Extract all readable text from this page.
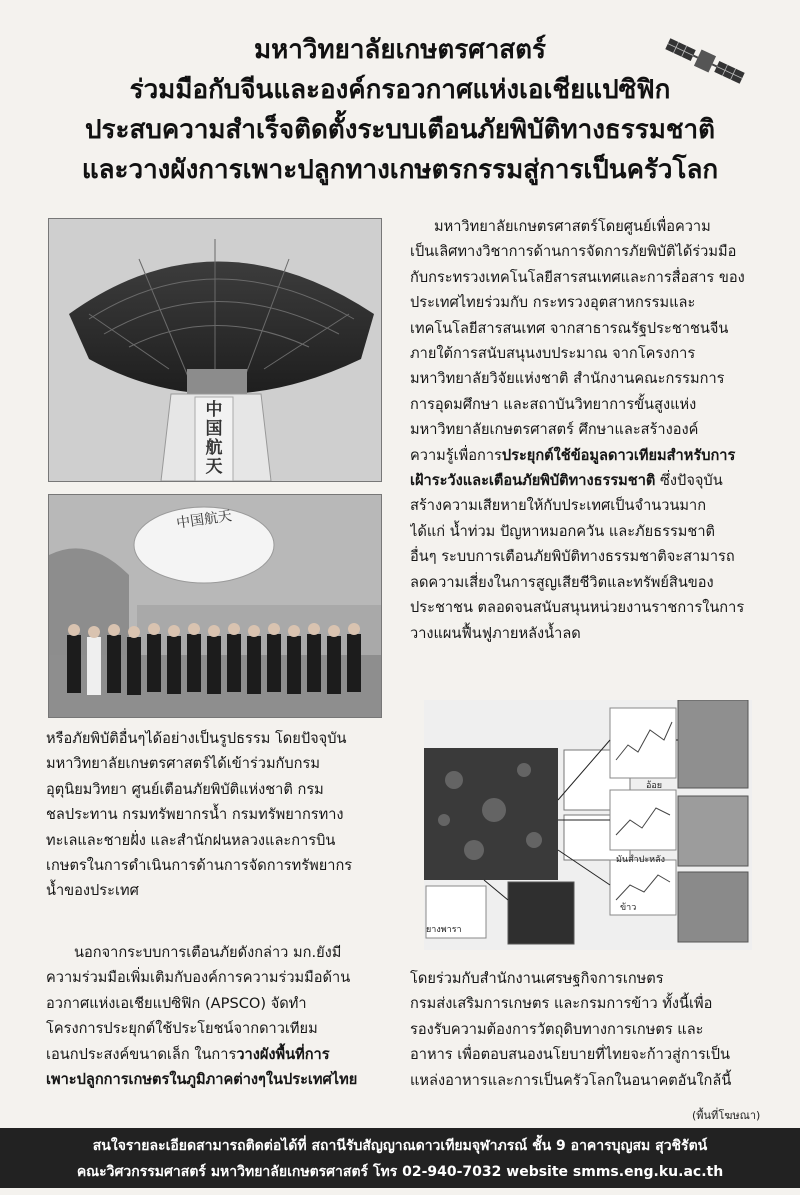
มหาวิทยาลัยเกษตรศาสตร์
ร่วมมือกับจีนและองค์กรอวกาศแห่งเอเชียแปซิฟิก
ประสบความสำเร็จติดตั้งระบบเตือนภัยพิบัติทางธรรมชาติ
และวางผังการเพาะปลูกทางเกษตรกรรมสู่การเป็นครัวโลก
中国航天
中国航天
มหาวิทยาลัยเกษตรศาสตร์โดยศูนย์เพื่อความ
เป็นเลิศทางวิชาการด้านการจัดการภัยพิบัติได้ร่วมมือ
กับกระทรวงเทคโนโลยีสารสนเทศและการสื่อสาร ของ
ประเทศไทยร่วมกับ กระทรวงอุตสาหกรรมและ
เทคโนโลยีสารสนเทศ จากสาธารณรัฐประชาชนจีน
ภายใต้การสนับสนุนงบประมาณ จากโครงการ
มหาวิทยาลัยวิจัยแห่งชาติ สำนักงานคณะกรรมการ
การอุดมศึกษา และสถาบันวิทยาการขั้นสูงแห่ง
มหาวิทยาลัยเกษตรศาสตร์ ศึกษาและสร้างองค์
ความรู้เพื่อการประยุกต์ใช้ข้อมูลดาวเทียมสำหรับการ
เฝ้าระวังและเตือนภัยพิบัติทางธรรมชาติ ซึ่งปัจจุบัน
สร้างความเสียหายให้กับประเทศเป็นจำนวนมาก
ได้แก่ น้ำท่วม ปัญหาหมอกควัน และภัยธรรมชาติ
อื่นๆ ระบบการเตือนภัยพิบัติทางธรรมชาติจะสามารถ
ลดความเสี่ยงในการสูญเสียชีวิตและทรัพย์สินของ
ประชาชน ตลอดจนสนับสนุนหน่วยงานราชการในการ
วางแผนฟื้นฟูภายหลังน้ำลด
อ้อย
มันสำปะหลัง
ข้าว
ยางพารา
หรือภัยพิบัติอื่นๆได้อย่างเป็นรูปธรรม โดยปัจจุบัน
มหาวิทยาลัยเกษตรศาสตร์ได้เข้าร่วมกับกรม
อุตุนิยมวิทยา ศูนย์เตือนภัยพิบัติแห่งชาติ กรม
ชลประทาน กรมทรัพยากรน้ำ กรมทรัพยากรทาง
ทะเลและชายฝั่ง และสำนักฝนหลวงและการบิน
เกษตรในการดำเนินการด้านการจัดการทรัพยากร
น้ำของประเทศ
นอกจากระบบการเตือนภัยดังกล่าว มก.ยังมี
ความร่วมมือเพิ่มเติมกับองค์การความร่วมมือด้าน
อวกาศแห่งเอเชียแปซิฟิก (APSCO) จัดทำ
โครงการประยุกต์ใช้ประโยชน์จากดาวเทียม
เอนกประสงค์ขนาดเล็ก ในการวางผังพื้นที่การ
เพาะปลูกการเกษตรในภูมิภาคต่างๆในประเทศไทย
โดยร่วมกับสำนักงานเศรษฐกิจการเกษตร
กรมส่งเสริมการเกษตร และกรมการข้าว ทั้งนี้เพื่อ
รองรับความต้องการวัตถุดิบทางการเกษตร และ
อาหาร เพื่อตอบสนองนโยบายที่ไทยจะก้าวสู่การเป็น
แหล่งอาหารและการเป็นครัวโลกในอนาคตอันใกล้นี้
(พื้นที่โฆษณา)
สนใจรายละเอียดสามารถติดต่อได้ที่ สถานีรับสัญญาณดาวเทียมจุฬาภรณ์ ชั้น 9 อาคารบุญสม สุวชิรัตน์
คณะวิศวกรรมศาสตร์ มหาวิทยาลัยเกษตรศาสตร์ โทร 02-940-7032 website smms.eng.ku.ac.th
